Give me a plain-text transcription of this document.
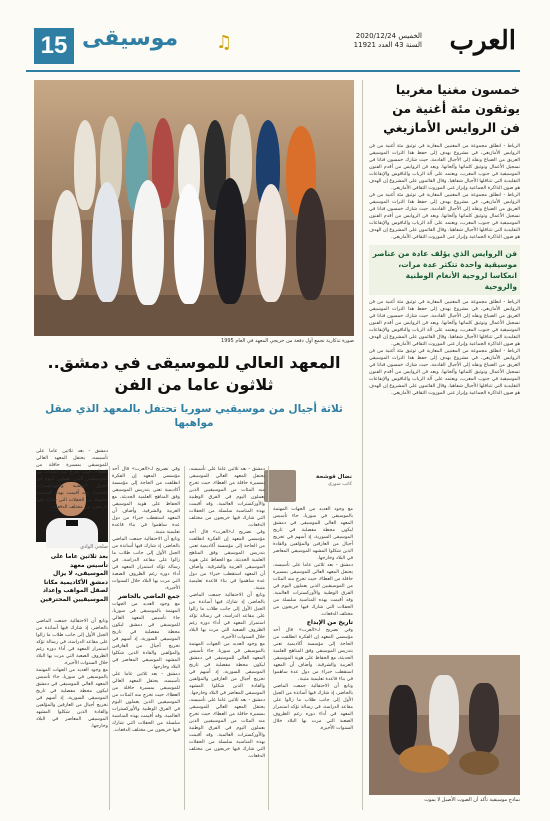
15 موسيقى ♫	الخميس 2020/12/24
السنة 43 العدد 11921 العرب
خمسون مغنيا مغربيا يوثقون مئة أغنية من فن الروايس الأمازيغي
الرباط - انطلق مجموعة من المغنيين المغاربة في توثيق مئة أغنية من فن الروايس الأمازيغي، في مشروع يهدف إلى حفظ هذا التراث الموسيقي العريق من الضياع ونقله إلى الأجيال القادمة، حيث شارك خمسون فنانا في تسجيل الأعمال وتوثيق كلماتها وألحانها. ويعد فن الروايس من أقدم الفنون الموسيقية في جنوب المغرب، ويعتمد على آلة الرباب والناقوس والإيقاعات التقليدية التي تتناقلها الأجيال شفاهيا. وقال القائمون على المشروع إن الهدف هو صون الذاكرة الجماعية وإبراز غنى الموروث الثقافي الأمازيغي.
الرباط - انطلق مجموعة من المغنيين المغاربة في توثيق مئة أغنية من فن الروايس الأمازيغي، في مشروع يهدف إلى حفظ هذا التراث الموسيقي العريق من الضياع ونقله إلى الأجيال القادمة، حيث شارك خمسون فنانا في تسجيل الأعمال وتوثيق كلماتها وألحانها. ويعد فن الروايس من أقدم الفنون الموسيقية في جنوب المغرب، ويعتمد على آلة الرباب والناقوس والإيقاعات التقليدية التي تتناقلها الأجيال شفاهيا. وقال القائمون على المشروع إن الهدف هو صون الذاكرة الجماعية وإبراز غنى الموروث الثقافي الأمازيغي.
فن الروايس الذي يؤلف عادة من عناصر موسيقية واحدة تتكثر عدة مرات، انعكاسا لروحية الأنغام الوطنية والروحية
الرباط - انطلق مجموعة من المغنيين المغاربة في توثيق مئة أغنية من فن الروايس الأمازيغي، في مشروع يهدف إلى حفظ هذا التراث الموسيقي العريق من الضياع ونقله إلى الأجيال القادمة، حيث شارك خمسون فنانا في تسجيل الأعمال وتوثيق كلماتها وألحانها. ويعد فن الروايس من أقدم الفنون الموسيقية في جنوب المغرب، ويعتمد على آلة الرباب والناقوس والإيقاعات التقليدية التي تتناقلها الأجيال شفاهيا. وقال القائمون على المشروع إن الهدف هو صون الذاكرة الجماعية وإبراز غنى الموروث الثقافي الأمازيغي.
الرباط - انطلق مجموعة من المغنيين المغاربة في توثيق مئة أغنية من فن الروايس الأمازيغي، في مشروع يهدف إلى حفظ هذا التراث الموسيقي العريق من الضياع ونقله إلى الأجيال القادمة، حيث شارك خمسون فنانا في تسجيل الأعمال وتوثيق كلماتها وألحانها. ويعد فن الروايس من أقدم الفنون الموسيقية في جنوب المغرب، ويعتمد على آلة الرباب والناقوس والإيقاعات التقليدية التي تتناقلها الأجيال شفاهيا. وقال القائمون على المشروع إن الهدف هو صون الذاكرة الجماعية وإبراز غنى الموروث الثقافي الأمازيغي.
صورة تذكارية تجمع أول دفعة من خريجي المعهد في العام 1995
المعهد العالي للموسيقى في دمشق.. ثلاثون عاما من الفن
ثلاثة أجيال من موسيقيي سوريا تحتفل بالمعهد الذي صقل مواهبها
نضال قوشحة
كاتب سوري
مع وجود العديد من الجهات المهتمة بالموسيقى في سوريا، جاء تأسيس المعهد العالي للموسيقى في دمشق ليكون محطة مفصلية في تاريخ الموسيقى السورية، إذ أسهم في تخريج أجيال من العازفين والمؤلفين والقادة الذين شكلوا المشهد الموسيقي المعاصر في البلاد وخارجها.
دمشق - بعد ثلاثين عاما على تأسيسه، يحتفل المعهد العالي للموسيقى بمسيرة حافلة من العطاء، حيث تخرج منه المئات من الموسيقيين الذين يعملون اليوم في الفرق الوطنية والأوركسترات العالمية. وقد أقيمت بهذه المناسبة سلسلة من الحفلات التي شارك فيها خريجون من مختلف الدفعات.
تاريخ من الإبداع
وفي تصريح لـ«العرب» قال أحد مؤسسي المعهد إن الفكرة انطلقت من الحاجة إلى مؤسسة أكاديمية تعنى بتدريس الموسيقى وفق المناهج العلمية الحديثة، مع الحفاظ على هوية الموسيقى العربية والشرقية. وأضاف أن المعهد استقطب خبراء من دول عدة ساهموا في بناء قاعدة تعليمية متينة.
وتابع أن الاحتفالية جمعت الماضي بالحاضر، إذ شارك فيها أساتذة من الجيل الأول إلى جانب طلاب ما زالوا على مقاعد الدراسة، في رسالة تؤكد استمرار المعهد في أداء دوره رغم الظروف الصعبة التي مرت بها البلاد خلال السنوات الأخيرة.
دمشق - بعد ثلاثين عاما على تأسيسه، يحتفل المعهد العالي للموسيقى بمسيرة حافلة من العطاء، حيث تخرج منه المئات من الموسيقيين الذين يعملون اليوم في الفرق الوطنية والأوركسترات العالمية. وقد أقيمت بهذه المناسبة سلسلة من الحفلات التي شارك فيها خريجون من مختلف الدفعات.
وفي تصريح لـ«العرب» قال أحد مؤسسي المعهد إن الفكرة انطلقت من الحاجة إلى مؤسسة أكاديمية تعنى بتدريس الموسيقى وفق المناهج العلمية الحديثة، مع الحفاظ على هوية الموسيقى العربية والشرقية. وأضاف أن المعهد استقطب خبراء من دول عدة ساهموا في بناء قاعدة تعليمية متينة.
وتابع أن الاحتفالية جمعت الماضي بالحاضر، إذ شارك فيها أساتذة من الجيل الأول إلى جانب طلاب ما زالوا على مقاعد الدراسة، في رسالة تؤكد استمرار المعهد في أداء دوره رغم الظروف الصعبة التي مرت بها البلاد خلال السنوات الأخيرة.
مع وجود العديد من الجهات المهتمة بالموسيقى في سوريا، جاء تأسيس المعهد العالي للموسيقى في دمشق ليكون محطة مفصلية في تاريخ الموسيقى السورية، إذ أسهم في تخريج أجيال من العازفين والمؤلفين والقادة الذين شكلوا المشهد الموسيقي المعاصر في البلاد وخارجها.
دمشق - بعد ثلاثين عاما على تأسيسه، يحتفل المعهد العالي للموسيقى بمسيرة حافلة من العطاء، حيث تخرج منه المئات من الموسيقيين الذين يعملون اليوم في الفرق الوطنية والأوركسترات العالمية. وقد أقيمت بهذه المناسبة سلسلة من الحفلات التي شارك فيها خريجون من مختلف الدفعات.
وفي تصريح لـ«العرب» قال أحد مؤسسي المعهد إن الفكرة انطلقت من الحاجة إلى مؤسسة أكاديمية تعنى بتدريس الموسيقى وفق المناهج العلمية الحديثة، مع الحفاظ على هوية الموسيقى العربية والشرقية. وأضاف أن المعهد استقطب خبراء من دول عدة ساهموا في بناء قاعدة تعليمية متينة.
وتابع أن الاحتفالية جمعت الماضي بالحاضر، إذ شارك فيها أساتذة من الجيل الأول إلى جانب طلاب ما زالوا على مقاعد الدراسة، في رسالة تؤكد استمرار المعهد في أداء دوره رغم الظروف الصعبة التي مرت بها البلاد خلال السنوات الأخيرة.
جمع الماضي بالحاضر
مع وجود العديد من الجهات المهتمة بالموسيقى في سوريا، جاء تأسيس المعهد العالي للموسيقى في دمشق ليكون محطة مفصلية في تاريخ الموسيقى السورية، إذ أسهم في تخريج أجيال من العازفين والمؤلفين والقادة الذين شكلوا المشهد الموسيقي المعاصر في البلاد وخارجها.
دمشق - بعد ثلاثين عاما على تأسيسه، يحتفل المعهد العالي للموسيقى بمسيرة حافلة من العطاء، حيث تخرج منه المئات من الموسيقيين الذين يعملون اليوم في الفرق الوطنية والأوركسترات العالمية. وقد أقيمت بهذه المناسبة سلسلة من الحفلات التي شارك فيها خريجون من مختلف الدفعات.
صلحي الوادي
بعد ثلاثين عاما على تأسيس معهد الموسيقى، لا يزال دمشق الأكاديمية مكانا لصقل المواهب وإعداد الموسيقيين المحترفين
وتابع أن الاحتفالية جمعت الماضي بالحاضر، إذ شارك فيها أساتذة من الجيل الأول إلى جانب طلاب ما زالوا على مقاعد الدراسة، في رسالة تؤكد استمرار المعهد في أداء دوره رغم الظروف الصعبة التي مرت بها البلاد خلال السنوات الأخيرة.
مع وجود العديد من الجهات المهتمة بالموسيقى في سوريا، جاء تأسيس المعهد العالي للموسيقى في دمشق ليكون محطة مفصلية في تاريخ الموسيقى السورية، إذ أسهم في تخريج أجيال من العازفين والمؤلفين والقادة الذين شكلوا المشهد الموسيقي المعاصر في البلاد وخارجها.
دمشق - بعد ثلاثين عاما على تأسيسه، يحتفل المعهد العالي للموسيقى بمسيرة حافلة من العطاء، حيث تخرج منه المئات من الموسيقيين الذين يعملون اليوم في الفرق الوطنية والأوركسترات العالمية. وقد أقيمت بهذه المناسبة سلسلة من الحفلات التي شارك فيها خريجون من مختلف الدفعات.
نماذج موسيقية تأكد أن الصوت الأصيل لا يموت
